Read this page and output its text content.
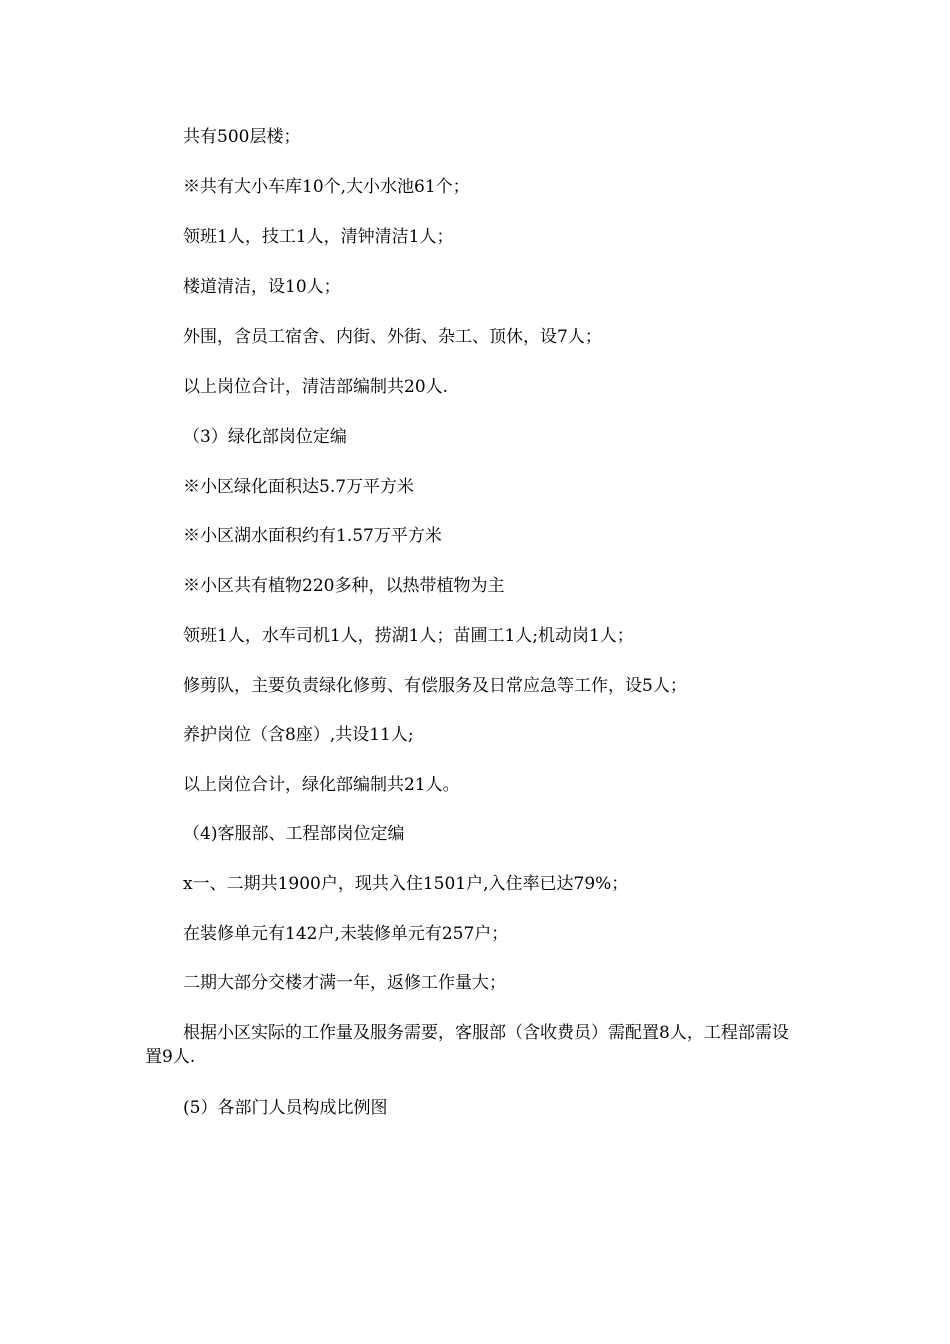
共有500层楼；
※共有大小车库10个,大小水池61个；
领班1人，技工1人，清钟清洁1人；
楼道清洁，设10人；
外围，含员工宿舍、内街、外街、杂工、顶休，设7人；
以上岗位合计，清洁部编制共20人.
（3）绿化部岗位定编
※小区绿化面积达5.7万平方米
※小区湖水面积约有1.57万平方米
※小区共有植物220多种，以热带植物为主
领班1人，水车司机1人，捞湖1人；苗圃工1人;机动岗1人；
修剪队，主要负责绿化修剪、有偿服务及日常应急等工作，设5人；
养护岗位（含8座）,共设11人;
以上岗位合计，绿化部编制共21人。
（4)客服部、工程部岗位定编
x一、二期共1900户，现共入住1501户,入住率已达79%；
在装修单元有142户,未装修单元有257户；
二期大部分交楼才满一年，返修工作量大；
根据小区实际的工作量及服务需要，客服部（含收费员）需配置8人，工程部需设置9人.
(5）各部门人员构成比例图
